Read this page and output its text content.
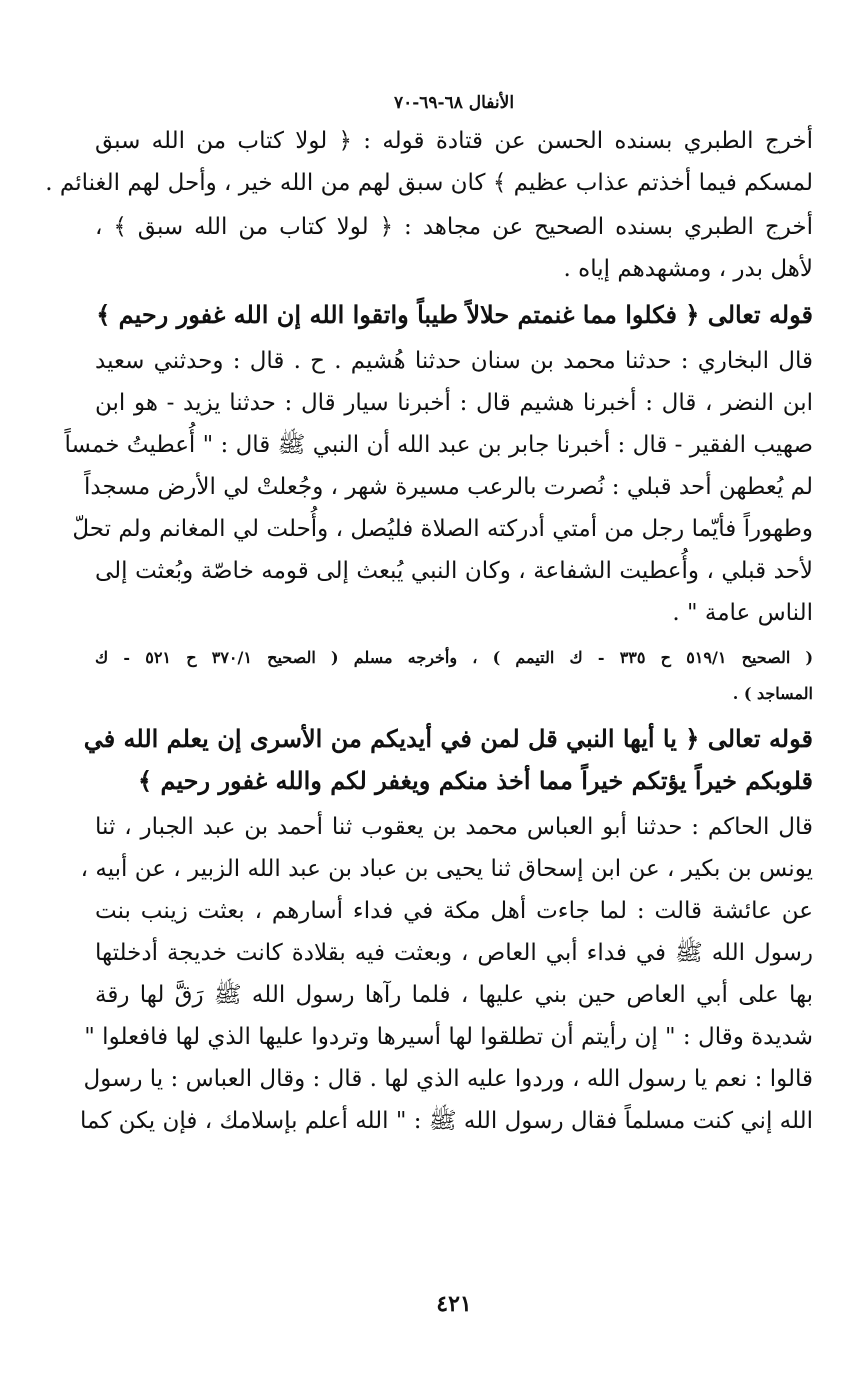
الأنفال ٦٨-٦٩-٧٠
أخرج الطبري بسنده الحسن عن قتادة قوله : ﴿ لولا كتاب من الله سبق
لمسكم فيما أخذتم عذاب عظيم ﴾ كان سبق لهم من الله خير ، وأحل لهم الغنائم .
أخرج الطبري بسنده الصحيح عن مجاهد : ﴿ لولا كتاب من الله سبق ﴾ ،
لأهل بدر ، ومشهدهم إياه .
قوله تعالى ﴿ فكلوا مما غنمتم حلالاً طيباً واتقوا الله إن الله غفور رحيم ﴾
قال البخاري : حدثنا محمد بن سنان حدثنا هُشيم . ح . قال : وحدثني سعيد
ابن النضر ، قال : أخبرنا هشيم قال : أخبرنا سيار قال : حدثنا يزيد - هو ابن
صهيب الفقير - قال : أخبرنا جابر بن عبد الله أن النبي ﷺ قال : " أُعطيتُ خمساً
لم يُعطهن أحد قبلي : نُصرت بالرعب مسيرة شهر ، وجُعلتْ لي الأرض مسجداً
وطهوراً فأيّما رجل من أمتي أدركته الصلاة فليُصل ، وأُحلت لي المغانم ولم تحلّ
لأحد قبلي ، وأُعطيت الشفاعة ، وكان النبي يُبعث إلى قومه خاصّة وبُعثت إلى
الناس عامة " .
( الصحيح ٥١٩/١ ح ٣٣٥ - ك التيمم ) ، وأخرجه مسلم ( الصحيح ٣٧٠/١ ح ٥٢١ - ك
المساجد ) .
قوله تعالى ﴿ يا أيها النبي قل لمن في أيديكم من الأسرى إن يعلم الله في
قلوبكم خيراً يؤتكم خيراً مما أخذ منكم ويغفر لكم والله غفور رحيم ﴾
قال الحاكم : حدثنا أبو العباس محمد بن يعقوب ثنا أحمد بن عبد الجبار ، ثنا
يونس بن بكير ، عن ابن إسحاق ثنا يحيى بن عباد بن عبد الله الزبير ، عن أبيه ،
عن عائشة قالت : لما جاءت أهل مكة في فداء أسارهم ، بعثت زينب بنت
رسول الله ﷺ في فداء أبي العاص ، وبعثت فيه بقلادة كانت خديجة أدخلتها
بها على أبي العاص حين بني عليها ، فلما رآها رسول الله ﷺ رَقَّ لها رقة
شديدة وقال : " إن رأيتم أن تطلقوا لها أسيرها وتردوا عليها الذي لها فافعلوا "
قالوا : نعم يا رسول الله ، وردوا عليه الذي لها . قال : وقال العباس : يا رسول
الله إني كنت مسلماً فقال رسول الله ﷺ : " الله أعلم بإسلامك ، فإن يكن كما
٤٢١
